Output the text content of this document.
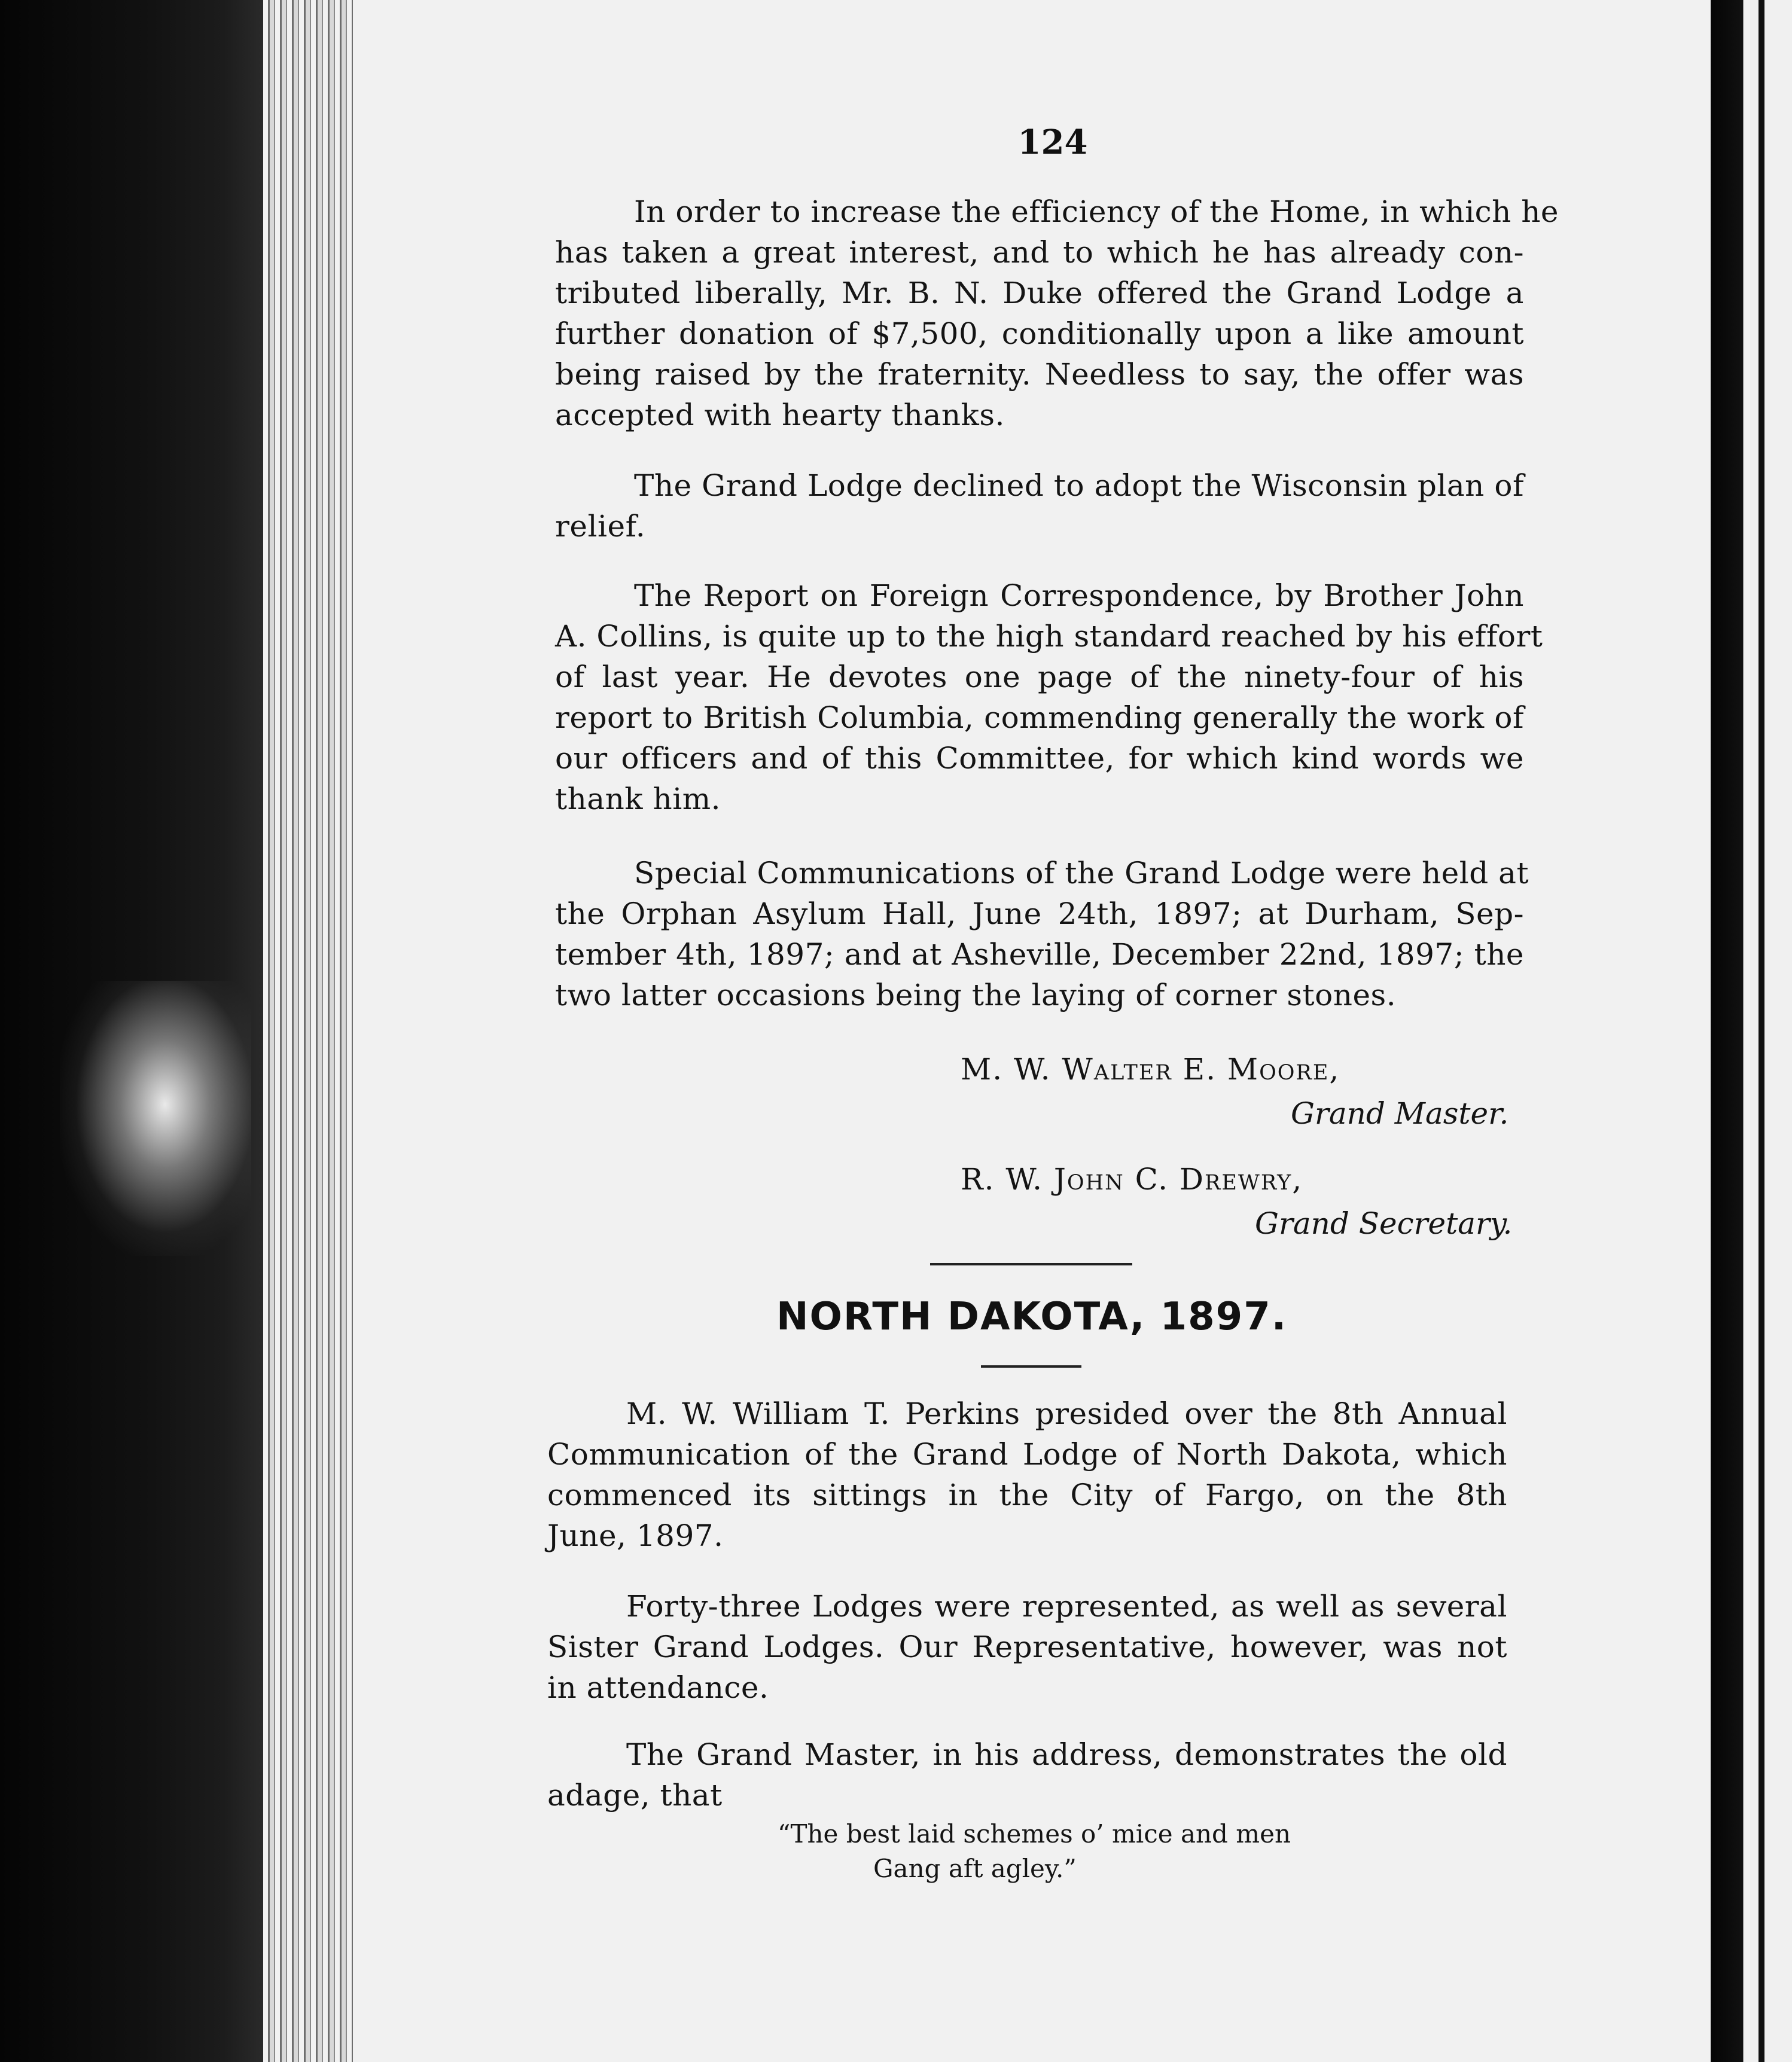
124
In order to increase the efficiency of the Home, in which he
has taken a great interest, and to which he has already con-
tributed liberally, Mr. B. N. Duke offered the Grand Lodge a
further donation of $7,500, conditionally upon a like amount
being raised by the fraternity. Needless to say, the offer was
accepted with hearty thanks.
The Grand Lodge declined to adopt the Wisconsin plan of
relief.
The Report on Foreign Correspondence, by Brother John
A. Collins, is quite up to the high standard reached by his effort
of last year. He devotes one page of the ninety-four of his
report to British Columbia, commending generally the work of
our officers and of this Committee, for which kind words we
thank him.
Special Communications of the Grand Lodge were held at
the Orphan Asylum Hall, June 24th, 1897; at Durham, Sep-
tember 4th, 1897; and at Asheville, December 22nd, 1897; the
two latter occasions being the laying of corner stones.
M. W. Walter E. Moore,
Grand Master.
R. W. John C. Drewry,
Grand Secretary.
NORTH DAKOTA, 1897.
M. W. William T. Perkins presided over the 8th Annual
Communication of the Grand Lodge of North Dakota, which
commenced its sittings in the City of Fargo, on the 8th
June, 1897.
Forty-three Lodges were represented, as well as several
Sister Grand Lodges. Our Representative, however, was not
in attendance.
The Grand Master, in his address, demonstrates the old
adage, that
“The best laid schemes o’ mice and men
Gang aft agley.”
